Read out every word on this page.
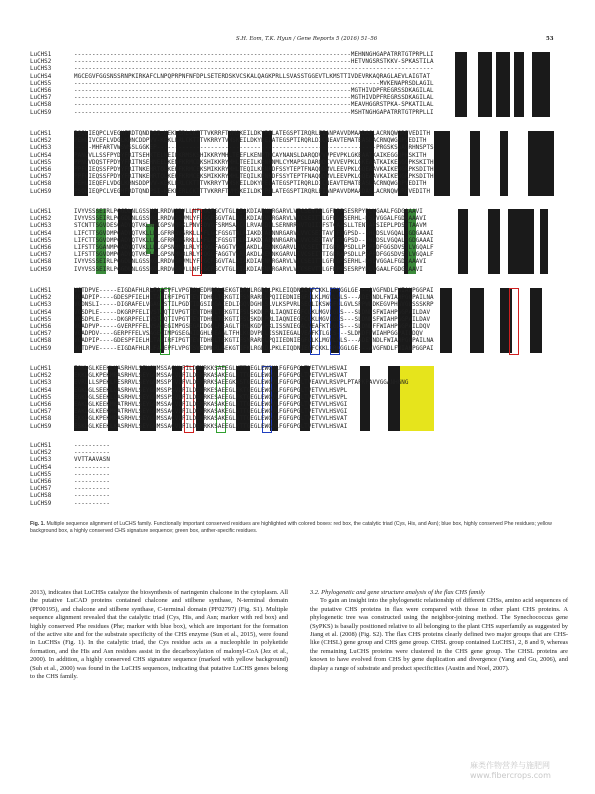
S.H. Eom, T.K. Hyun / Gene Reports 5 (2016) 51–56	53
LuCHS1	-----------------------------------------------------------------------------MEHNNGHGAPATRRTGTPRPLLI
LuCHS2	-----------------------------------------------------------------------------HETVNGSRSTKKV-SPKASTILA
LuCHS3	----------------------------------------------------------------------------------------------------
LuCHS4	MGCEGVFGGSNSSRNPKIRKAFCLNPQPRPNFNFDPLSETERDSKVCSKALQAGKPRLLSVASSTGGEVTLKMSTTIVDEVRKAQRAGLAEVLAIGTAT
LuCHS5	-------------------------------------------------------------------------------------MVKENAPRSDLAGIL
LuCHS6	-----------------------------------------------------------------------------MGTHIVDPFREGRSSDKAGILAL
LuCHS7	-----------------------------------------------------------------------------MGTHIVDPFREGRSSDKAGILAL
LuCHS8	-----------------------------------------------------------------------------MEAVHGGRSTPKA-SPKATILAL
LuCHS9	-----------------------------------------------------------------------------MSHTNGHGAPATRRTGTPRPLLI
LuCHS1	PSQLIEQPCLVEGHFRDTQNDPSI-KEKLERLCKTTTVKRRFTVMSKEILDKYPELATEGSPTIRQRLEIANPAVVDMAADASLACRNQWGRPVEDITH
LuCHS2	PEHLIVCEFLVDGLKHNCDDPVV-KEKLERLCKTTTVKRRYTVMSKEILDKYPELATEGSPTIRQRLDICNEAVTEMATEASLACRNQWGRPVEDITH
LuCHS3	-----MHFARTVWSWSSLGGKEP-------------------------------------------------------------PRGSKSGAGRHNSPTS
LuCHS4	PANCVLLSSFPYDYFRITSEHKTELNEIFKRMSKSHIKKRYMHLTEEFLKENPTMCAYNANSLDARQDVVVPEVPKLGKEAATKAIKEGGQPKSKITH
LuCHS5	PPNCVDQSTFPDYYFRITNSEHNEELKENFKRMCDKSHIKKRYMHLTEEILKENPNMLCYMAPSLDARQDIVVVEVPKLGKEAATKAIKEGGQPKSKITH
LuCHS6	PPFCIEQSSFPDYYFRITNKEHRTQLKEKFKRMCEKSMIKKRYMHLTEQILKENPDFSSYTEPTFNAQQDMVLEEVPKLGQEAAVKAIKEWGRPKSDITH
LuCHS7	PPFCIEQSSFPDYYFRITNKEHRTQLKEKFKRMCEKSMIKKRYMHLTEQILKENPDFSSYTEPTFNAQQDMVLEEVPKLGQEAAVKAIKEWGRPKSDITH
LuCHS8	PEHLIEQEFLVDGLKHNSDDPVV-KEKLERLCKTTTVKRRYTVMSKEILDKYPELATEGSPTIRQRLDICNEAVTEMATEASLACRNQWGRPVEDITH
LuCHS9	PSQLIEQPCLVEGHFRDTQNDPSI-KEKLERLCKTTTVKRRFTVMSKEILDKYPELATEGSPTIRQRLEIANPAVVDMAADASLACRNQWGRPVEDITH
LuCHS1	IVYVSSSEIRLPGGDLNLGSSKGLRRDVSRVLLNFLGCFGCVTGLRIAKDIAENNRGARVLVTCSEVTILGFRPPSESRPYDLVGAALFGDGAAAVI
LuCHS2	IVYVSSSEIRLPGGDLNLGSSKGLRRDVSRVMLYFLGCFGGVTALRIAKDIAENNRGARVLVTCSEITTLGFRGPSERHL-DSLVGGALFGDGAAAVI
LuCHS3	STCNTTSGVDESGADYQTVKLNRIGPSVNRKLPNVSDVGFSRMSAGCCLRVAKDILSERNRRHVTQIIIFSTCAISLLTENTAPSIEPLPDSNTAAVM
LuCHS4	LIFCTTSGVDMPGADYQTVKLLNLGFRRDVSRKLLYFLGCFGSGTALRIAKDIAENNRGARVLVVCSEITAVTFRGPSD---HLDSLVGQALFGDGAAAI
LuCHS5	LIFCTTSGVDMPGADYQTVKLLNLGFRRDVSRKLLYFLGCFGSGTALRIAKDIAENNRGARVLVVCSEITAVTFRGPSD---HLDSLVGQALFGDGAAAI
LuCHS6	LIFSTTSGANMPGADYQTVKLLNLGPSNMNRLRLYQQGCFAGGTVLRLAKDLAENNKGARVLIVCSEITTIGFRAPSDLLPSPPDFGGSDVSTLVGQALF
LuCHS7	LIFSTTSGVDMPGADYQTVKLLNLGPSNMNRLRLYQQGCFAGGTVLRLAKDLAENNKGARVLIVCSEITTIGFRAPSDLLPSPPDFGGSDVSTLVGQALF
LuCHS8	IVYVSSSEIRLPGGDLNLGSSKGLRRDVSRVMLYFLGCFGGVTALRIAKDIAENNRGARVLVTCSEITTLGFRGPSERHL-DSLVGGALFGDGAAAVI
LuCHS9	IVYVSSSEIRLPGGDLNLGSSKGLRRDVSRVLLNFLGCFGCVTGLRIAKDIAENNRGARVLVTCSEVTILGFRPPSESRPYDLVGAALFGDGAAAVI
LuCHS1	VGTDPVE-----EIGDAFHLRLFAAEPFLVPGTSVEDMGRLSEKGTIFKLRGRDLPKLEIQDNIEGFCKKLIRKGGLGE---AVGFNDLFWIAHPGGPAI
LuCHS2	VGADPIP----GDESPFIELHLTAIIRFIPGTTEVTDHRLTEKGTIFSMRARELPQIIEDNIEGFCLKLMGVLGLS---ADEYNDLFWIAHPGGPAILNA
LuCHS3	VGDNSLI-----DIGRAFELVGAGLSTILPGDTIDGSIDGAIEDLIGQVDGHLSLVLKSPVRLSEQLIKSWGFCLGVLSPPWDDKEGVPHGVGLSSSKRP
LuCHS4	VGSDPLE-----DKGRPFELIVSTAQTIVPGTTEVTDHRLTEKGTIFSLSKDLPRLIAQNIEGFCLKLMGVLGLS---SLDNDSFWIAHPGGPAILDAV
LuCHS5	VGSDPLE-----DKGRPFELIVSTAQTIVPGTTEVTDHRLTEKGTIFSLSKDLPRLIAQNIEGFCLKLMGVLGLS---SLDNDSFWIAHPGGPAILDAV
LuCHS6	VGADPVP-----GVERPFFELVSAGEGIMPGSEGAIDGHLREAGLTFHLKGDVPKLISSNIEGALVEAFKTLGLS---SLDNDFFWIAHPGGPAILDQV
LuCHS7	VGADPDV----GERPFFELVSAGEGIMPGSEGAIDGHLREAGLTFHLKGDVPKLISSNIEGALVEAFKTLGLS---SLDNDFFWIAHPGGPAILDQV
LuCHS8	VGADPIP----GDESPFIELHLTAIIRFIPGTTEVTDHRLTEKGTIFSMRARELPQIIEDNIEGFCLKLMGVLGLS---ADEYNDLFWIAHPGGPAILNA
LuCHS9	VGTDPVE-----EIGDAFHLRLFAAEPFLVPGTSVEDMGRLSEKGTIFKLRGRDLPKLEIQDNIEGFCKKLIRKGGLGE---AVGFNDLFWIAHPGGPAI
LuCHS1	ESKLGLKEEKLKASRHVLSEYGNMSSACVLFILDEMRKKSAEEGLKTTGEGLEWGVLFGFGPGLTVETVVLHSVAI
LuCHS2	EKKLGLKPEKMRASRHVLSEYGNMSSACVLFILDEMRKASAKEGLGTTGEGLEWGVLFGFGPGLTVETVVLHSVAT
LuCHS3	EVRLLLSPEKLRESRRVLSEYGNMSSPTVLFVLDEMRRKSAEEGKKSTGEGLEWGVLFGFGPGLTVEAVVLRSVPLPTAPKPAVVGGANHGNG
LuCHS4	EGKLGLSEEKLQASRHVLSEYGNMSSPSVLFILDEMRKESAEEGLPKTGEGLEWGVLFGFGPGLTVETVVLHSVPL
LuCHS5	EGKLGLSEEKLQASRHVLSEYGNMSSPSVLFILDEMRKESAEEGLPKTGEGLEWGVLFGFGPGLTVETVVLHSVPL
LuCHS6	EAKLGLKEEKMKATRHVLSEYGNMSSACVLFILDEMRKASAKEGLGTTGEGLEWGVLFGFGPGLTVETVVLHSVGI
LuCHS7	EAKLGLKEEKMKATRHVLSEYGNMSSACVLFILDEMRKASAKEGLGTTGEGLEWGVLFGFGPGLTVETVVLHSVGI
LuCHS8	EKKLGLKPEKMRASRHVLSEYGNMSSACVLFILDEMRKASAKEGLGTTGEGLEWGVLFGFGPGLTVETVVLHSVAT
LuCHS9	ESKLGLKEEKLKASRHVLSEYGNMSSACVLFILDEMRKKSAEEGLKTTGEGLEWGVLFGFGPGLTVETVVLHSVAI
LuCHS1	----------
LuCHS2	----------
LuCHS3	VVTTAAVASN
LuCHS4	----------
LuCHS5	----------
LuCHS6	----------
LuCHS7	----------
LuCHS8	----------
LuCHS9	----------
Fig. 1. Multiple sequence alignment of LuCHS family. Functionally important conserved residues are highlighted with colored boxes: red box, the catalytic triad (Cys, His, and Asn); blue box, highly conserved Phe residues; yellow background box, a highly conserved CHS signature sequence; green box, anther-specific residues.

2013), indicates that LuCHSs catalyze the biosynthesis of naringenin chalcone in the cytoplasm. All the putative LuCAD proteins contained chalcone and stilbene synthase, N-terminal domain (PF00195), and chalcone and stilbene synthase, C-terminal domain (PF02797) (Fig. S1). Multiple sequence alignment revealed that the catalytic triad (Cys, His, and Asn; marker with red box) and highly conserved Phe residues (Phe; marker with blue box), which are important for the formation of the active site and for the substrate specificity of the CHS enzyme (Sun et al., 2015), were found in LuCHSs (Fig. 1). In the catalytic triad, the Cys residue acts as a nucleophile in polyketide formation, and the His and Asn residues assist in the decarboxylation of malonyl-CoA (Jez et al., 2000). In addition, a highly conserved CHS signature sequence (marked with yellow background) (Suh et al., 2000) was found in the LuCHS sequences, indicating that putative LuCHS genes belong to the CHS family.

3.2. Phylogenetic and gene structure analysis of the flax CHS family

To gain an insight into the phylogenetic relationship of different CHSs, amino acid sequences of the putative CHS proteins in flax were compared with those in other plant CHS proteins. A phylogenetic tree was constructed using the neighbor-joining method. The Synechococcus gene (SyPKS) is basally positioned relative to all belonging to the plant CHS superfamily as suggested by Jiang et al. (2008) (Fig. S2). The flax CHS proteins clearly defined two major groups that are CHS-like (CHSL) gene group and CHS gene group. CHSL group contained LuCHS1, 2, 8 and 9, whereas the remaining LuCHS proteins were clustered in the CHS gene group. The CHSL proteins are known to have evolved from CHS by gene duplication and divergence (Yang and Gu, 2006), and display a range of substrate and product specificities (Austin and Noel, 2007).

麻类作物营养与施肥网 www.fibercrops.com
